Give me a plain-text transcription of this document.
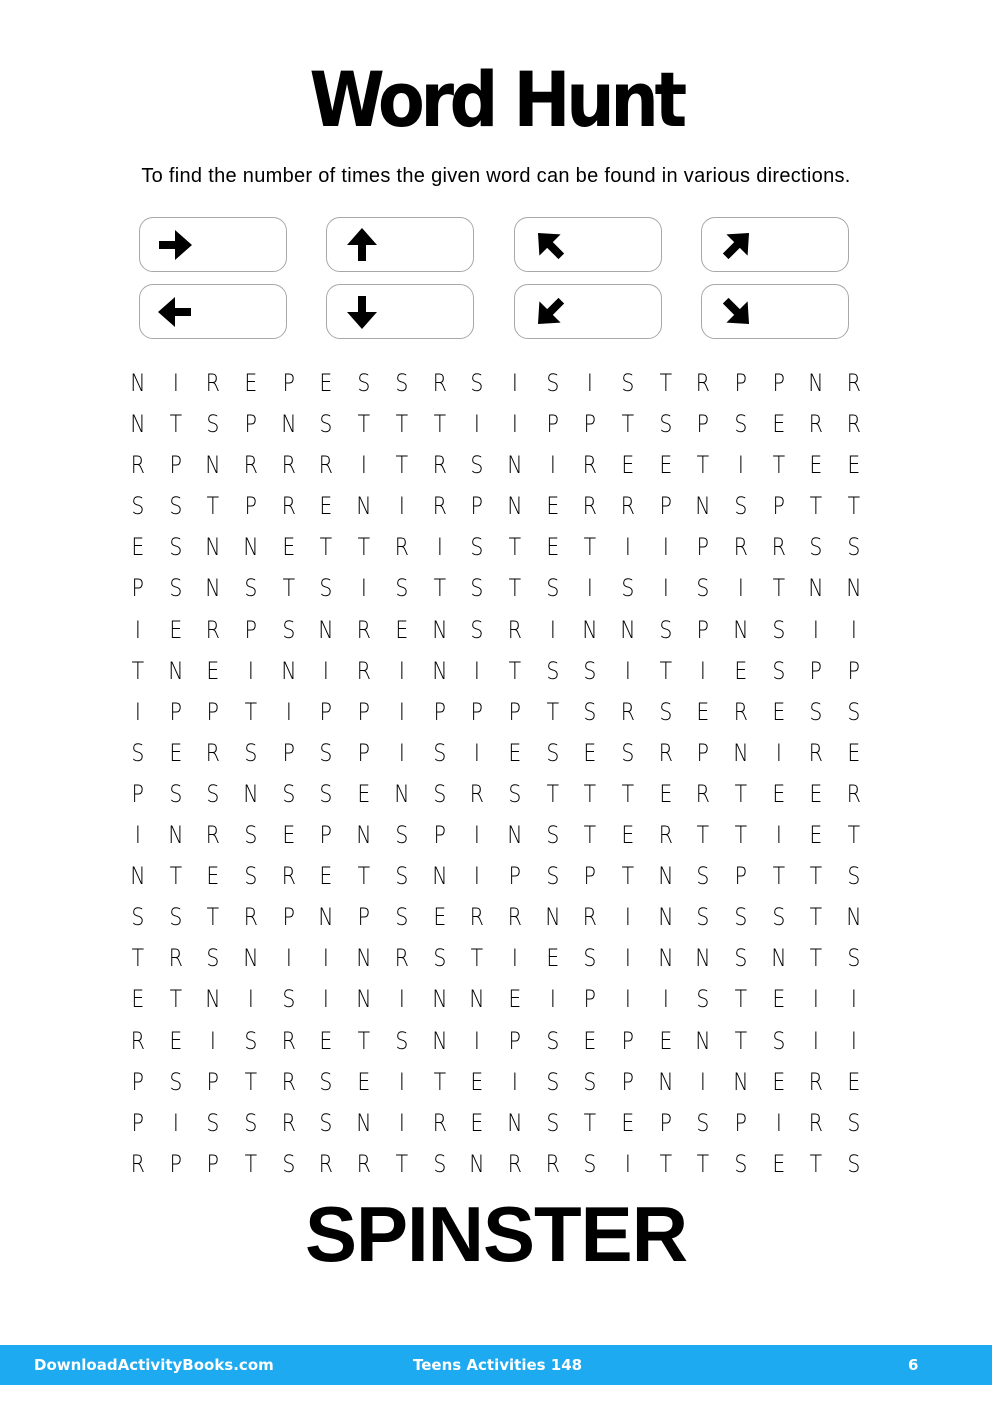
Word Hunt
To find the number of times the given word can be found in various directions.
N	I	R	E	P	E	S	S	R	S	I	S	I	S	T	R	P	P N R
N T	S	P N S	T	T	T	I	I	P	P	T	S	P	S	E	R R
R	P N R R R	I	T	R	S N	I	R	E	E	T	I	T	E	E
S	S	T	P	R	E N	I	R	P N E	R R	P N S	P	T	T
E	S N N E	T	T	R	I	S	T	E	T	I	I	P	R R	S	S
P	S N S	T	S	I	S	T	S	T	S	I	S	I	S	I	T N N
I	E	R	P	S N R	E N S	R	I	N N S	P N S	I	I
T N E	I	N	I	R	I	N	I	T	S	S	I	T	I	E	S	P	P
I	P	P	T	I	P	P	I	P	P	P	T	S	R	S	E	R	E	S	S
S	E	R	S	P	S	P	I	S	I	E	S	E	S	R	P N	I	R	E
P	S	S N S	S	E N S	R	S	T	T	T	E	R	T	E	E	R
I	N R	S	E	P N S	P	I	N S	T	E	R	T	T	I	E	T
N T	E	S	R	E	T	S N	I	P	S	P	T N S	P	T	T	S
S	S	T	R	P N P	S	E	R R N R	I	N S	S	S	T N
T	R	S N	I	I	N R	S	T	I	E	S	I	N N S N T	S
E	T N	I	S	I	N	I	N N E	I	P	I	I	S	T	E	I	I
R	E	I	S	R	E	T	S N	I	P	S	E	P	E N T	S	I	I
P	S	P	T	R	S	E	I	T	E	I	S	S	P N	I	N E	R	E
P	I	S	S	R	S N	I	R	E N S	T	E	P	S	P	I	R	S
R	P	P	T	S	R R	T	S N R R	S	I	T	T	S	E	T	S
SPINSTER
DownloadActivityBooks.com	Teens Activities 148	6
